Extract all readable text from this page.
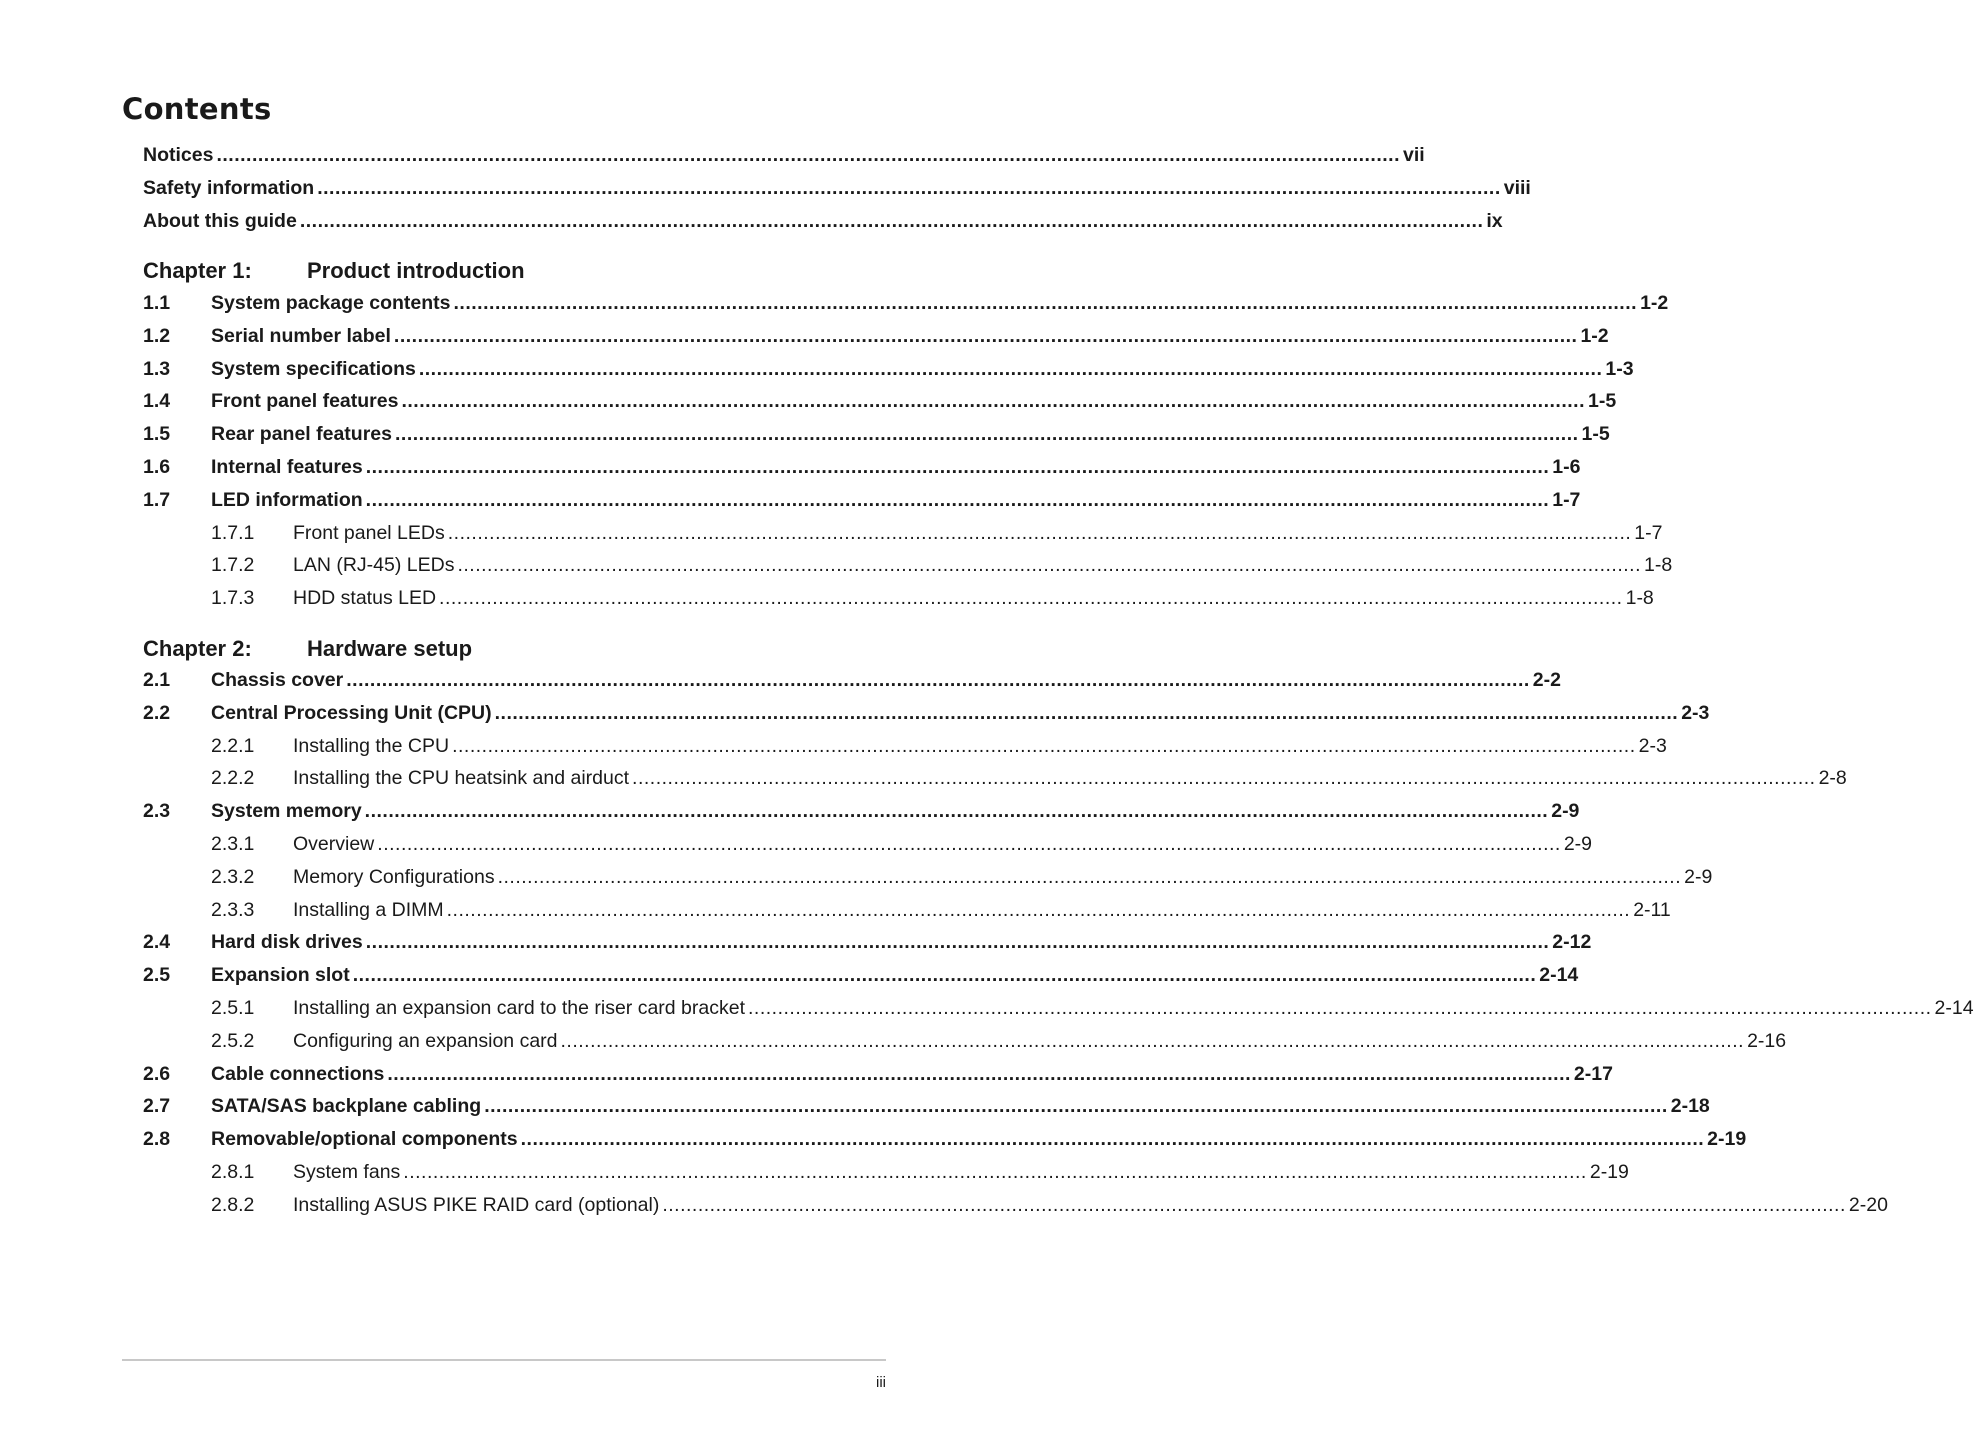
Contents
Notices ........................................................................................................................................................................................................ vii
Safety information ........................................................................................................................................................................................................ viii
About this guide ........................................................................................................................................................................................................ ix
Chapter 1:	Product introduction
1.1	System package contents ........................................................................................................................................................................................................ 1-2
1.2	Serial number label ........................................................................................................................................................................................................ 1-2
1.3	System specifications ........................................................................................................................................................................................................ 1-3
1.4	Front panel features ........................................................................................................................................................................................................ 1-5
1.5	Rear panel features ........................................................................................................................................................................................................ 1-5
1.6	Internal features ........................................................................................................................................................................................................ 1-6
1.7	LED information ........................................................................................................................................................................................................ 1-7
1.7.1	Front panel LEDs ........................................................................................................................................................................................................ 1-7
1.7.2	LAN (RJ-45) LEDs ........................................................................................................................................................................................................ 1-8
1.7.3	HDD status LED ........................................................................................................................................................................................................ 1-8
Chapter 2:	Hardware setup
2.1	Chassis cover ........................................................................................................................................................................................................ 2-2
2.2	Central Processing Unit (CPU) ........................................................................................................................................................................................................ 2-3
2.2.1	Installing the CPU ........................................................................................................................................................................................................ 2-3
2.2.2	Installing the CPU heatsink and airduct ........................................................................................................................................................................................................ 2-8
2.3	System memory ........................................................................................................................................................................................................ 2-9
2.3.1	Overview ........................................................................................................................................................................................................ 2-9
2.3.2	Memory Configurations ........................................................................................................................................................................................................ 2-9
2.3.3	Installing a DIMM ........................................................................................................................................................................................................ 2-11
2.4	Hard disk drives ........................................................................................................................................................................................................ 2-12
2.5	Expansion slot ........................................................................................................................................................................................................ 2-14
2.5.1	Installing an expansion card to the riser card bracket ........................................................................................................................................................................................................ 2-14
2.5.2	Configuring an expansion card ........................................................................................................................................................................................................ 2-16
2.6	Cable connections ........................................................................................................................................................................................................ 2-17
2.7	SATA/SAS backplane cabling ........................................................................................................................................................................................................ 2-18
2.8	Removable/optional components ........................................................................................................................................................................................................ 2-19
2.8.1	System fans ........................................................................................................................................................................................................ 2-19
2.8.2	Installing ASUS PIKE RAID card (optional) ........................................................................................................................................................................................................ 2-20
iii
